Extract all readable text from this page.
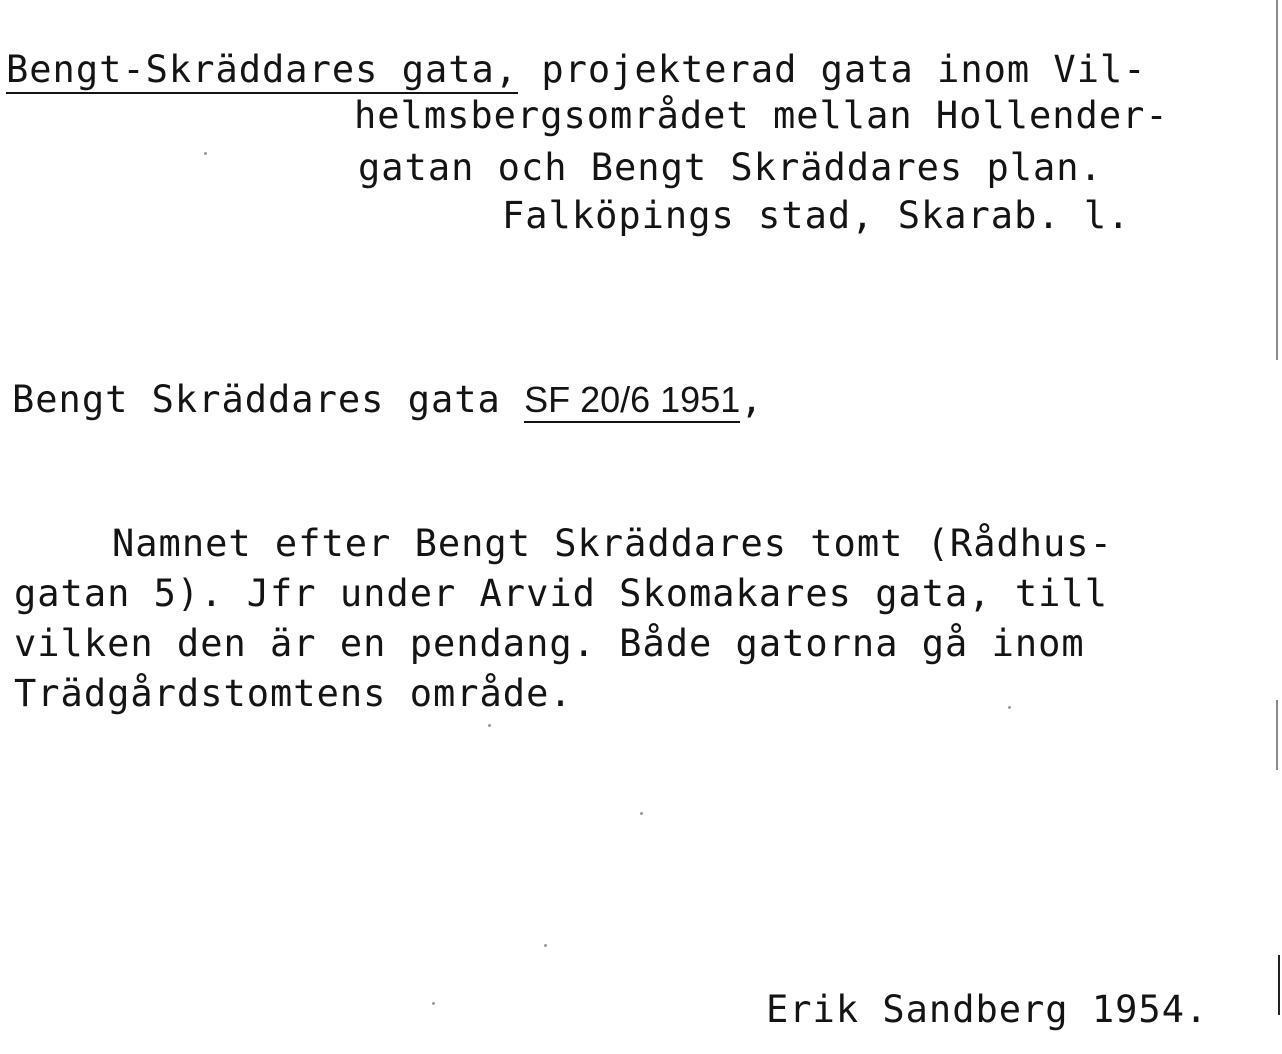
Bengt-Skräddares gata, projekterad gata inom Vil-
helmsbergsområdet mellan Hollender-
gatan och Bengt Skräddares plan.
Falköpings stad, Skarab. l.
Bengt Skräddares gata SF 20/6 1951,
Namnet efter Bengt Skräddares tomt (Rådhus-
gatan 5). Jfr under Arvid Skomakares gata, till
vilken den är en pendang. Både gatorna gå inom
Trädgårdstomtens område.
Erik Sandberg 1954.
